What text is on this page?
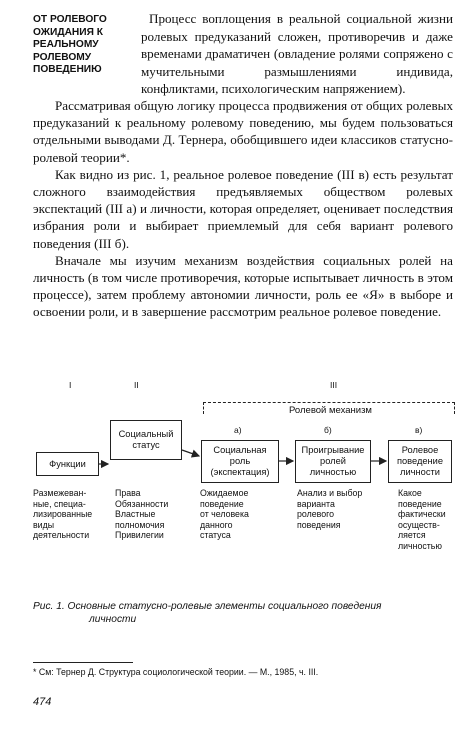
ОТ РОЛЕВОГО ОЖИДАНИЯ К РЕАЛЬНОМУ РОЛЕВОМУ ПОВЕДЕНИЮ
Процесс воплощения в реальной социальной жизни ролевых предуказаний сложен, противоречив и даже временами драматичен (овладение ролями сопряжено с мучительными размышлениями индивида, конфликтами, психологическим напряжением).

Рассматривая общую логику процесса продвижения от общих ролевых предуказаний к реальному ролевому поведению, мы будем пользоваться отдельными выводами Д. Тернера, обобщившего идеи классиков статусно-ролевой теории*.

Как видно из рис. 1, реальное ролевое поведение (III в) есть результат сложного взаимодействия предъявляемых обществом ролевых экспектаций (III а) и личности, которая определяет, оценивает последствия избрания роли и выбирает приемлемый для себя вариант ролевого поведения (III б).

Вначале мы изучим механизм воздействия социальных ролей на личность (в том числе противоречия, которые испытывает личность в этом процессе), затем проблему автономии личности, роль ее «Я» в выборе и освоении роли, и в завершение рассмотрим реальное ролевое поведение.

I	II	III
Ролевой механизм
а)	б)	в)
Функции
Социальный
статус	Социальная
роль
(экспектация)
Проигрывание
ролей
личностью
Ролевое
поведение
личности
Размежеван-
ные, специа-
лизированные
виды
деятельности
Права
Обязанности
Властные
полномочия
Привилегии
Ожидаемое
поведение
от человека
данного
статуса
Анализ и выбор
варианта
ролевого
поведения
Какое
поведение
фактически
осуществ-
ляется
личностью
Рис. 1. Основные статусно-ролевые элементы социального поведения
личности
* См: Тернер Д. Структура социологической теории. — М., 1985, ч. III.
474
